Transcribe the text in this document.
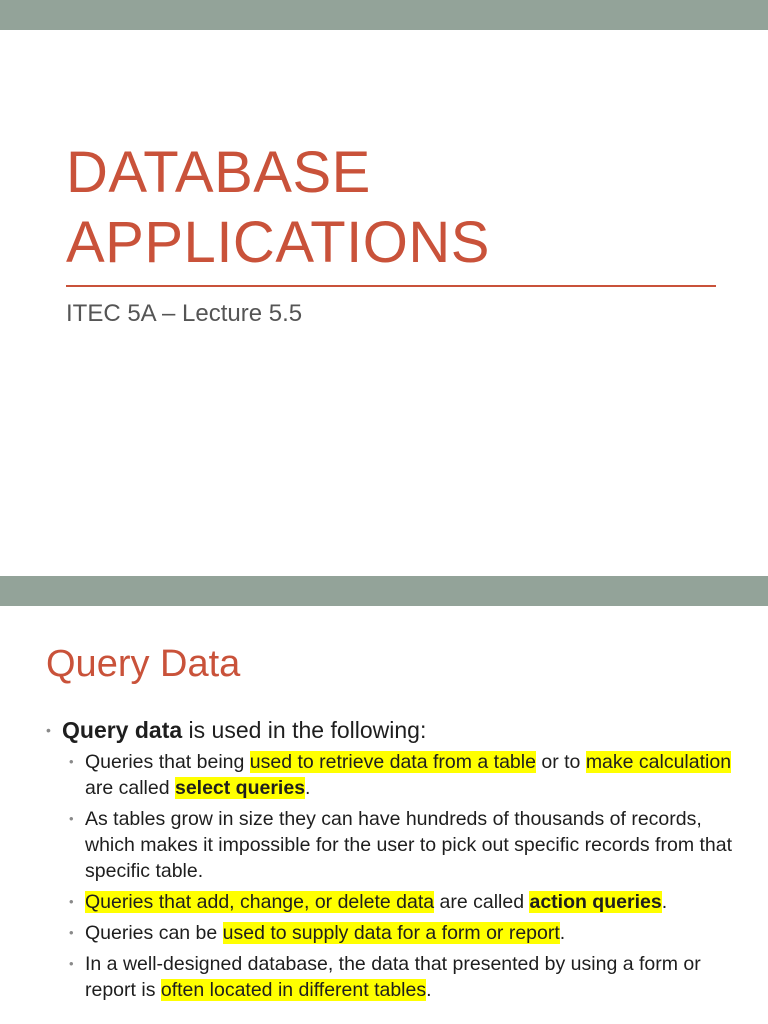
DATABASE
APPLICATIONS
ITEC 5A – Lecture 5.5
Query Data
• Query data is used in the following:
• Queries that being used to retrieve data from a table or to make calculation are called select queries.
• As tables grow in size they can have hundreds of thousands of records, which makes it impossible for the user to pick out specific records from that specific table.
• Queries that add, change, or delete data are called action queries.
• Queries can be used to supply data for a form or report.
• In a well-designed database, the data that presented by using a form or report is often located in different tables.
